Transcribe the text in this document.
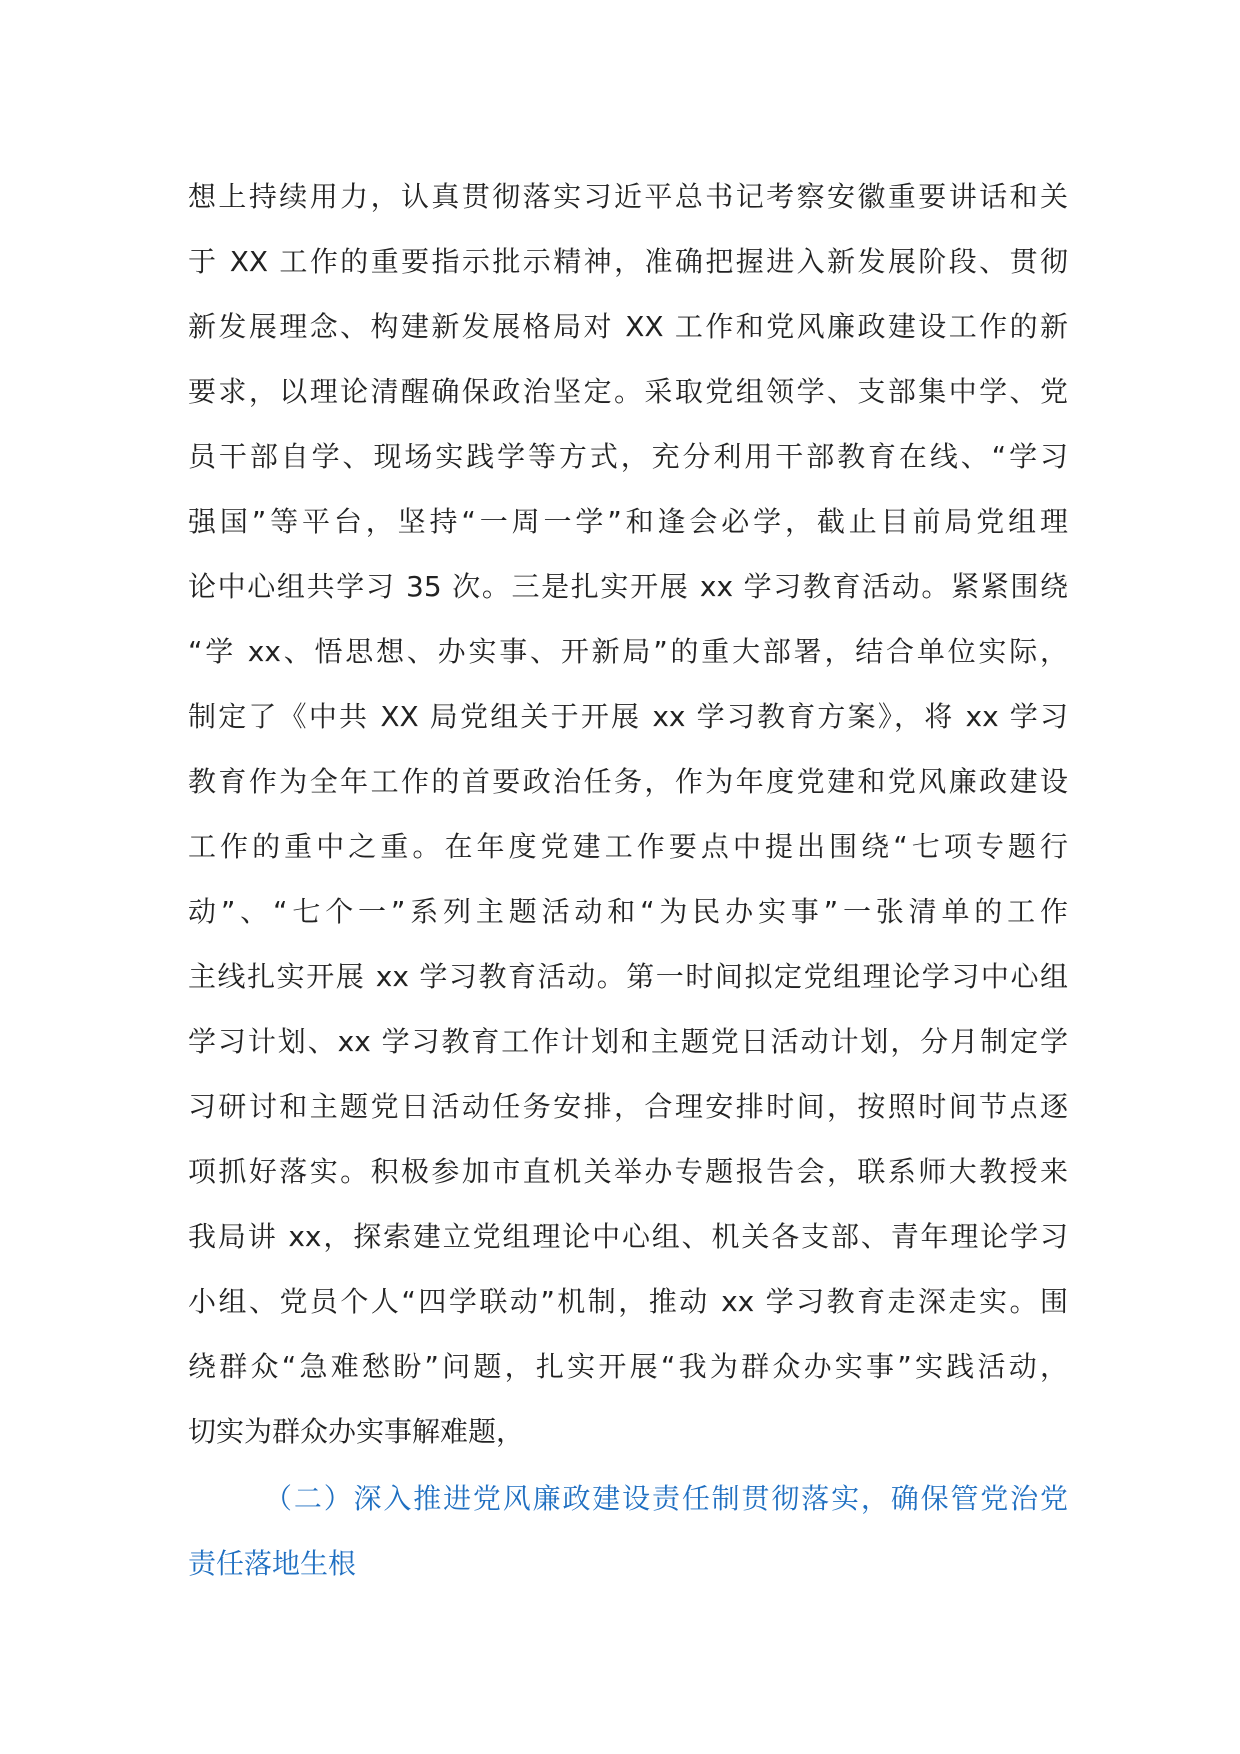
想上持续用力，认真贯彻落实习近平总书记考察安徽重要讲话和关
于 XX 工作的重要指示批示精神，准确把握进入新发展阶段、贯彻
新发展理念、构建新发展格局对 XX 工作和党风廉政建设工作的新
要求，以理论清醒确保政治坚定。采取党组领学、支部集中学、党
员干部自学、现场实践学等方式，充分利用干部教育在线、“学习
强国”等平台，坚持“一周一学”和逢会必学，截止目前局党组理
论中心组共学习 35 次。三是扎实开展 xx 学习教育活动。紧紧围绕
“学 xx、悟思想、办实事、开新局”的重大部署，结合单位实际，
制定了《中共 XX 局党组关于开展 xx 学习教育方案》，将 xx 学习
教育作为全年工作的首要政治任务，作为年度党建和党风廉政建设
工作的重中之重。在年度党建工作要点中提出围绕“七项专题行
动”、“七个一”系列主题活动和“为民办实事”一张清单的工作
主线扎实开展 xx 学习教育活动。第一时间拟定党组理论学习中心组
学习计划、xx 学习教育工作计划和主题党日活动计划，分月制定学
习研讨和主题党日活动任务安排，合理安排时间，按照时间节点逐
项抓好落实。积极参加市直机关举办专题报告会，联系师大教授来
我局讲 xx，探索建立党组理论中心组、机关各支部、青年理论学习
小组、党员个人“四学联动”机制，推动 xx 学习教育走深走实。围
绕群众“急难愁盼”问题，扎实开展“我为群众办实事”实践活动，
切实为群众办实事解难题，
（二）深入推进党风廉政建设责任制贯彻落实，确保管党治党
责任落地生根
